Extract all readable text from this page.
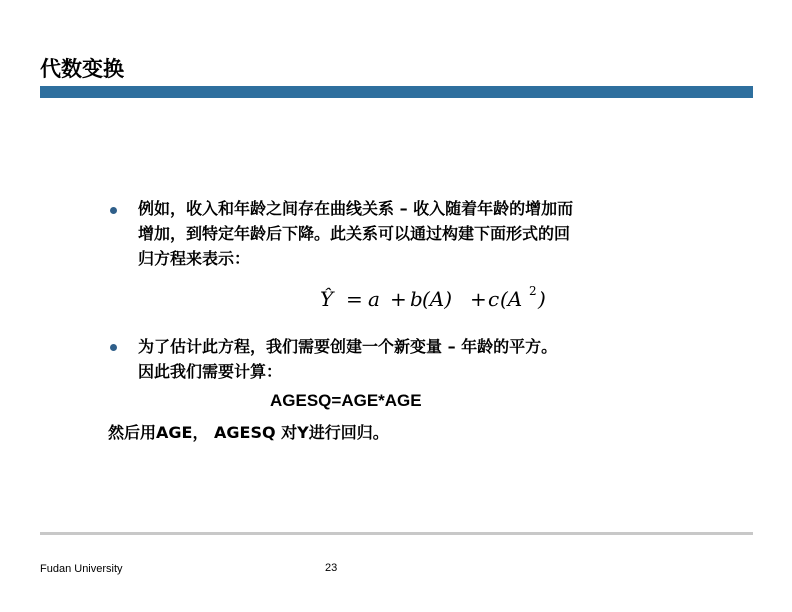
代数变换
例如，收入和年龄之间存在曲线关系 – 收入随着年龄的增加而
增加，到特定年龄后下降。此关系可以通过构建下面形式的回
归方程来表示：
Ŷ = a + b (A) + c (A 2 )
为了估计此方程，我们需要创建一个新变量 – 年龄的平方。
因此我们需要计算：
AGESQ=AGE*AGE
然后用AGE， AGESQ 对Y进行回归。
Fudan University	23
